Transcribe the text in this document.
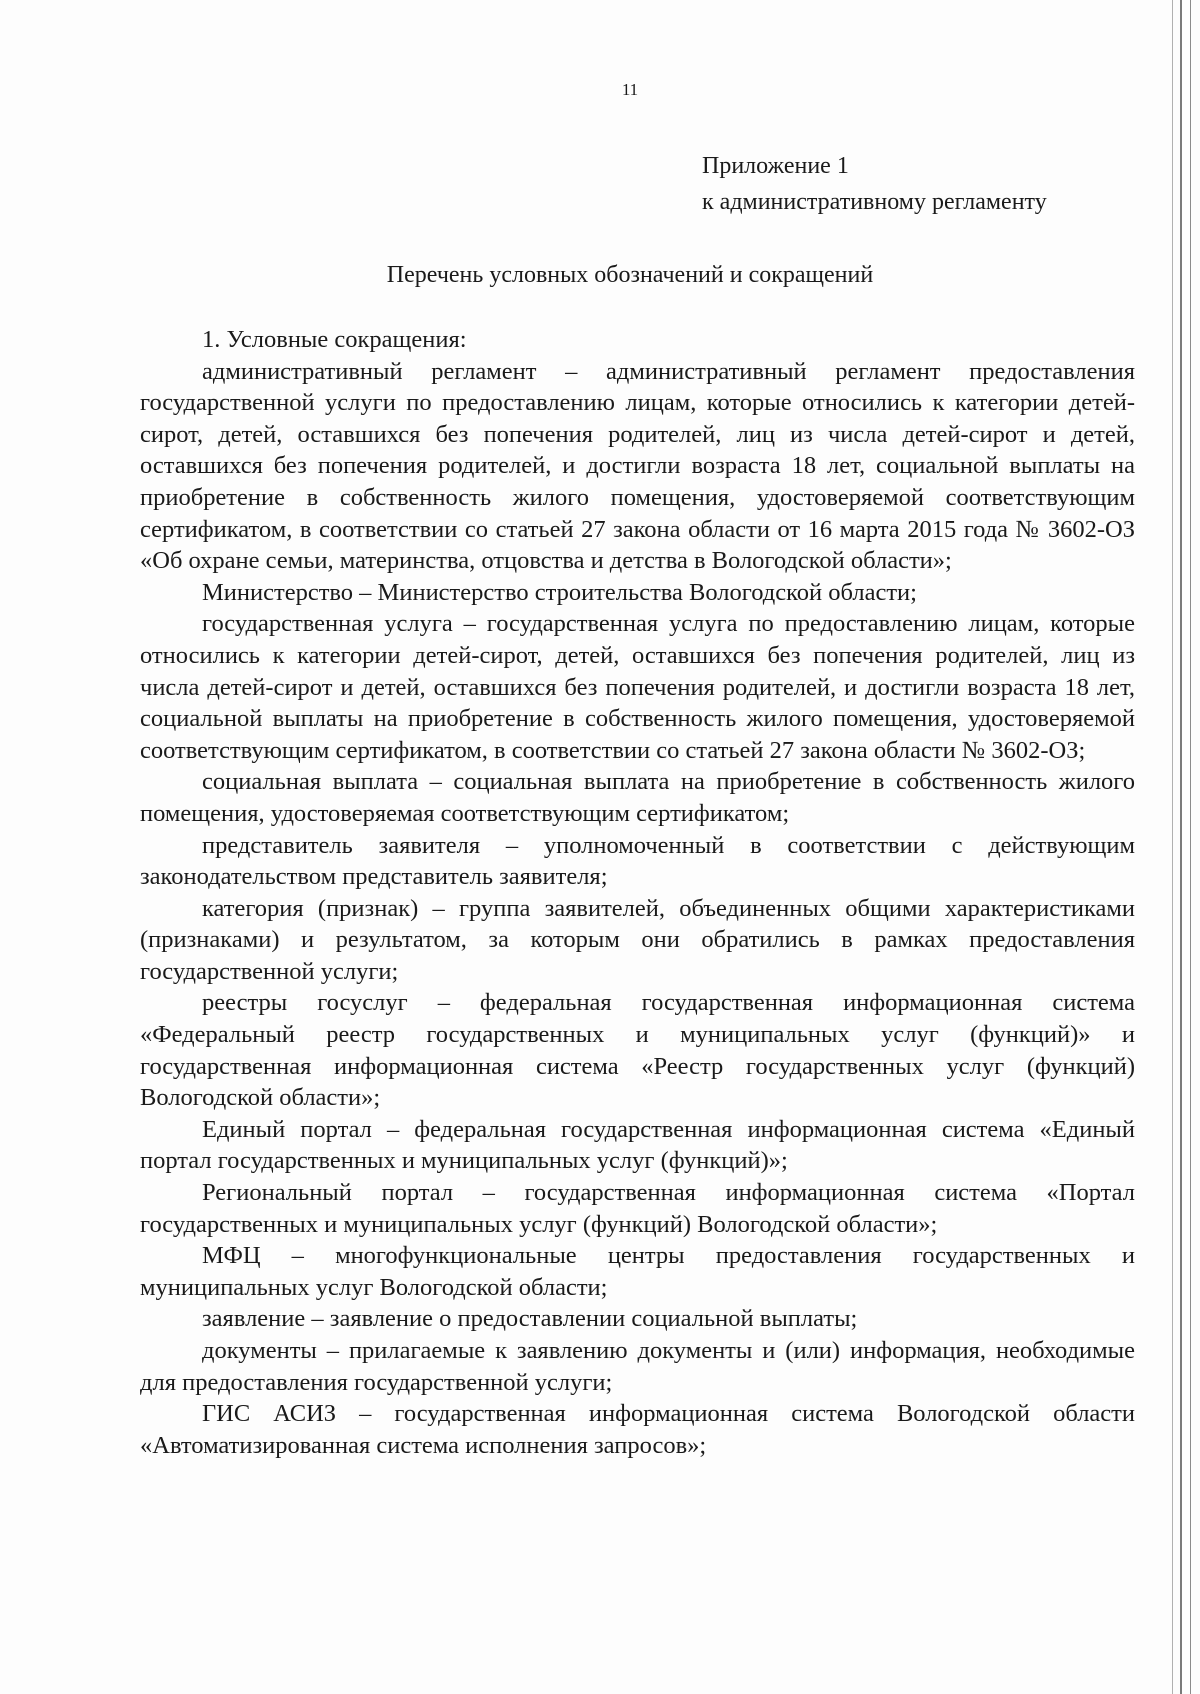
11
Приложение 1
к административному регламенту
Перечень условных обозначений и сокращений

1. Условные сокращения:

административный регламент – административный регламент предоставления государственной услуги по предоставлению лицам, которые относились к категории детей-сирот, детей, оставшихся без попечения родителей, лиц из числа детей-сирот и детей, оставшихся без попечения родителей, и достигли возраста 18 лет, социальной выплаты на приобретение в собственность жилого помещения, удостоверяемой соответствующим сертификатом, в соответствии со статьей 27 закона области от 16 марта 2015 года № 3602-ОЗ «Об охране семьи, материнства, отцовства и детства в Вологодской области»;

Министерство – Министерство строительства Вологодской области;

государственная услуга – государственная услуга по предоставлению лицам, которые относились к категории детей-сирот, детей, оставшихся без попечения родителей, лиц из числа детей-сирот и детей, оставшихся без попечения родителей, и достигли возраста 18 лет, социальной выплаты на приобретение в собственность жилого помещения, удостоверяемой соответствующим сертификатом, в соответствии со статьей 27 закона области № 3602-ОЗ;

социальная выплата – социальная выплата на приобретение в собственность жилого помещения, удостоверяемая соответствующим сертификатом;

представитель заявителя – уполномоченный в соответствии с действующим законодательством представитель заявителя;

категория (признак) – группа заявителей, объединенных общими характеристиками (признаками) и результатом, за которым они обратились в рамках предоставления государственной услуги;

реестры госуслуг – федеральная государственная информационная система «Федеральный реестр государственных и муниципальных услуг (функций)» и государственная информационная система «Реестр государственных услуг (функций) Вологодской области»;

Единый портал – федеральная государственная информационная система «Единый портал государственных и муниципальных услуг (функций)»;

Региональный портал – государственная информационная система «Портал государственных и муниципальных услуг (функций) Вологодской области»;

МФЦ – многофункциональные центры предоставления государственных и муниципальных услуг Вологодской области;

заявление – заявление о предоставлении социальной выплаты;

документы – прилагаемые к заявлению документы и (или) информация, необходимые для предоставления государственной услуги;

ГИС АСИЗ – государственная информационная система Вологодской области «Автоматизированная система исполнения запросов»;
